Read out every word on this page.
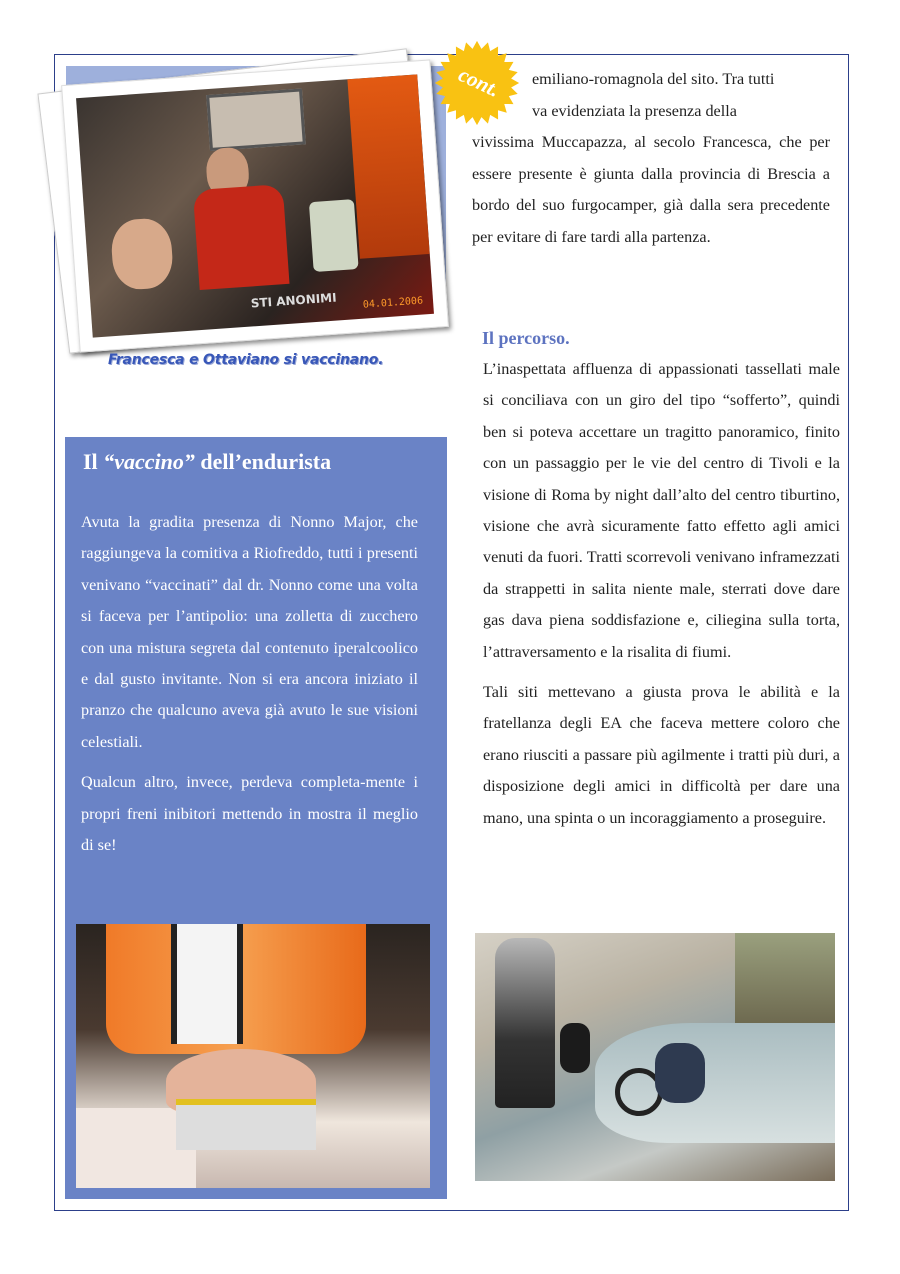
STI ANONIMI	04.01.2006
Francesca e Ottaviano si vaccinano.
cont.	emiliano-romagnola del sito. Tra tutti
va evidenziata la presenza della
vivissima Muccapazza, al secolo Francesca, che per essere presente è giunta dalla provincia di Brescia a bordo del suo furgocamper, già dalla sera precedente per evitare di fare tardi alla partenza.
Il percorso.

L’inaspettata affluenza di appassionati tassellati male si conciliava con un giro del tipo “sofferto”, quindi ben si poteva accettare un tragitto panoramico, finito con un passaggio per le vie del centro di Tivoli e la visione di Roma by night dall’alto del centro tiburtino, visione che avrà sicuramente fatto effetto agli amici venuti da fuori. Tratti scorrevoli venivano inframezzati da strappetti in salita niente male, sterrati dove dare gas dava piena soddisfazione e, ciliegina sulla torta, l’attraversamento e la risalita di fiumi.

Tali siti mettevano a giusta prova le abilità e la fratellanza degli EA che faceva mettere coloro che erano riusciti a passare più agilmente i tratti più duri, a disposizione degli amici in difficoltà per dare una mano, una spinta o un incoraggiamento a proseguire.

Il “vaccino” dell’endurista

Avuta la gradita presenza di Nonno Major, che raggiungeva la comitiva a Riofreddo, tutti i presenti venivano “vaccinati” dal dr. Nonno come una volta si faceva per l’antipolio: una zolletta di zucchero con una mistura segreta dal contenuto iperalcoolico e dal gusto invitante. Non si era ancora iniziato il pranzo che qualcuno aveva già avuto le sue visioni celestiali.

Qualcun altro, invece, perdeva completa-mente i propri freni inibitori mettendo in mostra il meglio di se!
